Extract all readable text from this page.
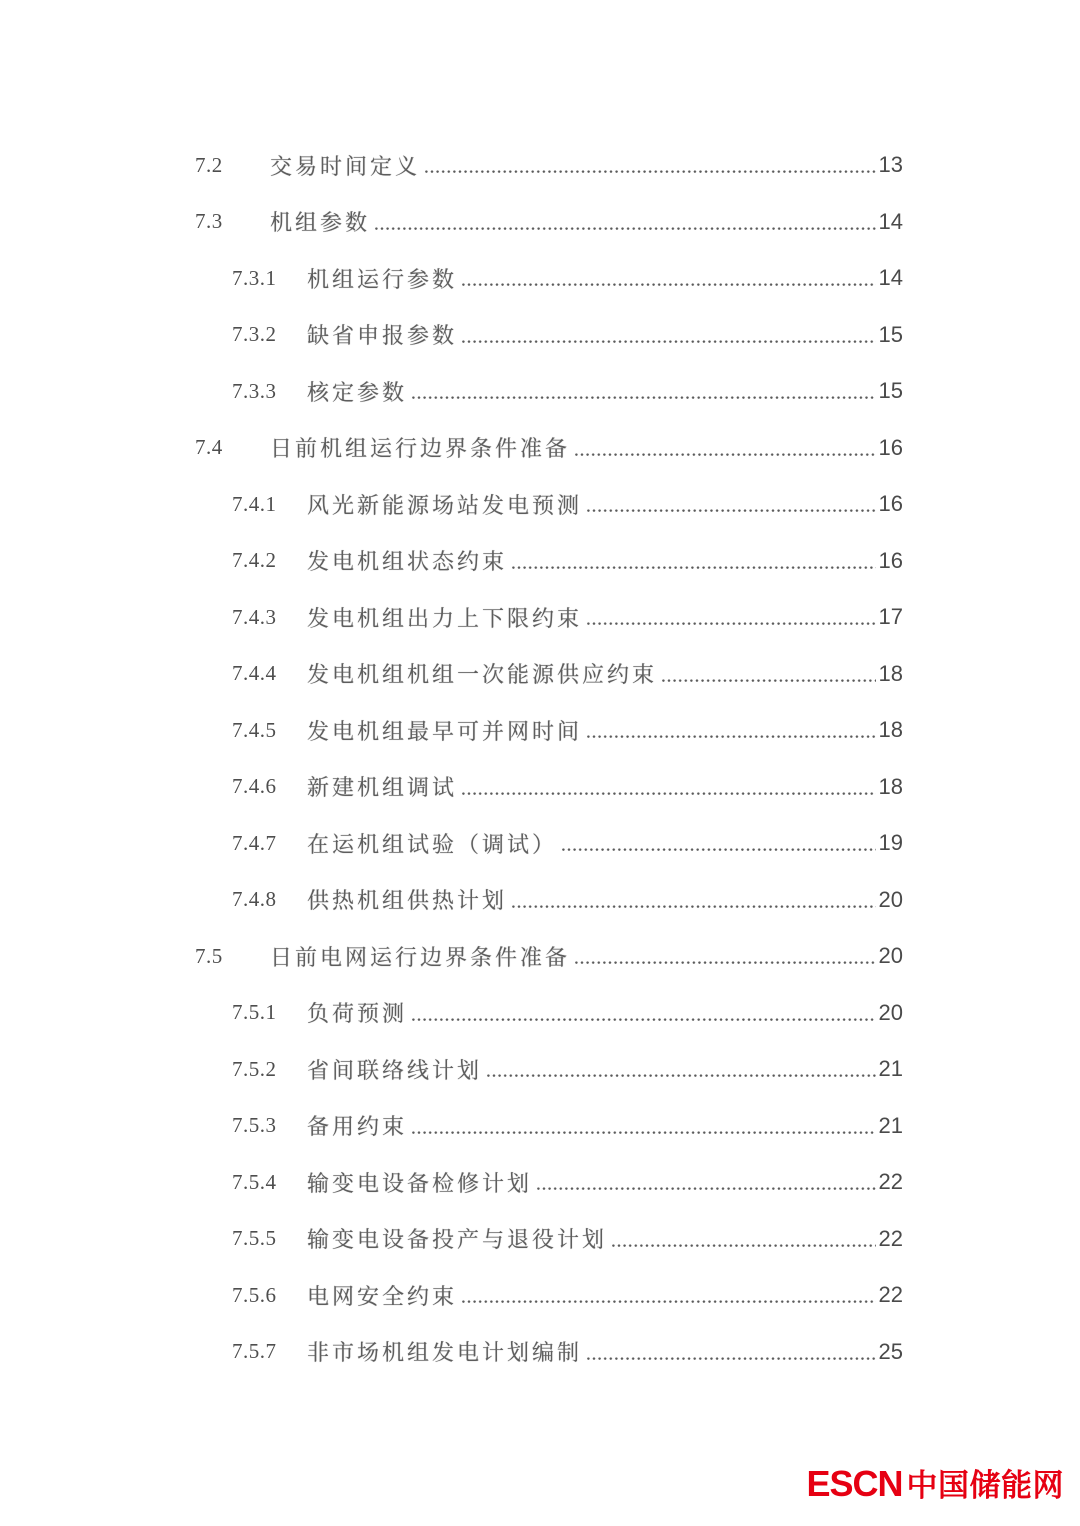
7.2	交易时间定义	13
7.3	机组参数	14
7.3.1	机组运行参数	14
7.3.2	缺省申报参数	15
7.3.3	核定参数	15
7.4	日前机组运行边界条件准备	16
7.4.1	风光新能源场站发电预测	16
7.4.2	发电机组状态约束	16
7.4.3	发电机组出力上下限约束	17
7.4.4	发电机组机组一次能源供应约束	18
7.4.5	发电机组最早可并网时间	18
7.4.6	新建机组调试	18
7.4.7	在运机组试验（调试）	19
7.4.8	供热机组供热计划	20
7.5	日前电网运行边界条件准备	20
7.5.1	负荷预测	20
7.5.2	省间联络线计划	21
7.5.3	备用约束	21
7.5.4	输变电设备检修计划	22
7.5.5	输变电设备投产与退役计划	22
7.5.6	电网安全约束	22
7.5.7	非市场机组发电计划编制	25
ESCN 中国储能网
